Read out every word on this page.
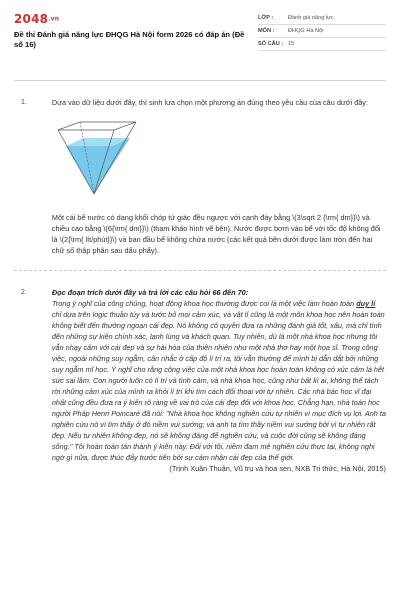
2048.vn
Đề thi Đánh giá năng lực ĐHQG Hà Nội form 2026 có đáp án (Đề số 16)
LỚP :	Đánh giá năng lực
MÔN :	ĐHQG Hà Nội
SỐ CÂU : 15
1.	Dựa vào dữ liệu dưới đây, thí sinh lựa chọn một phương án đúng theo yêu cầu của câu dưới đây:

Một cái bể nước có dạng khối chóp tứ giác đều ngược với cạnh đáy bằng \(3\sqrt 2 {\rm{ dm}}\) và chiều cao bằng \(6{\rm{ dm}}\) (tham khảo hình vẽ bên). Nước được bơm vào bể với tốc độ không đổi là \(2{\rm{ lít/phút}}\) và ban đầu bể không chứa nước (các kết quả bên dưới được làm tròn đến hai chữ số thập phân sau dấu phẩy).

2.	Đọc đoạn trích dưới đây và trả lời các câu hỏi 66 đến 70:

Trong ý nghĩ của công chúng, hoạt động khoa học thường được coi là một việc làm hoàn toàn duy lí chỉ dựa trên logic thuần túy và tước bỏ mọi cảm xúc, và vật lí cũng là một môn khoa học nên hoàn toàn không biết đến thưởng ngoạn cái đẹp. Nó không có quyền đưa ra những đánh giá tốt, xấu, mà chỉ tính đến những sự kiện chính xác, lạnh lùng và khách quan. Tuy nhiên, dù là một nhà khoa học nhưng tôi vẫn nhạy cảm với cái đẹp và sự hài hòa của thiên nhiên như một nhà thơ hay một họa sĩ. Trong công việc, ngoài những suy ngẫm, cân nhắc ở cấp độ lí trí ra, tôi vẫn thường để mình bị dẫn dắt bởi những suy ngẫm mĩ học. Ý nghĩ cho rằng công việc của một nhà khoa học hoàn toàn không có xúc cảm là hết sức sai lầm. Con người luôn có lí trí và tình cảm, và nhà khoa học, cũng như bất kì ai, không thể tách rời những cảm xúc của mình ra khỏi lí trí khi tìm cách đối thoại với tự nhiên. Các nhà bác học vĩ đại nhất cũng đều đưa ra ý kiến rõ ràng về vai trò của cái đẹp đối với khoa học. Chẳng hạn, nhà toán học người Pháp Henri Poincaré đã nói: "Nhà khoa học không nghiên cứu tự nhiên vì mục đích vụ lợi. Anh ta nghiên cứu nó vì tìm thấy ở đó niềm vui sướng; và anh ta tìm thấy niềm vui sướng bởi vì tự nhiên rất đẹp. Nếu tự nhiên không đẹp, nó sẽ không đáng để nghiên cứu, và cuộc đời cũng sẽ không đáng sống." Tôi hoàn toàn tán thành ý kiến này. Đối với tôi, niềm đam mê nghiên cứu thực tại, không nghi ngờ gì nữa, được thúc đẩy trước tiên bởi sự cảm nhận cái đẹp của thế giới.

(Trịnh Xuân Thuận, Vũ trụ và hoa sen, NXB Tri thức, Hà Nội, 2015)
